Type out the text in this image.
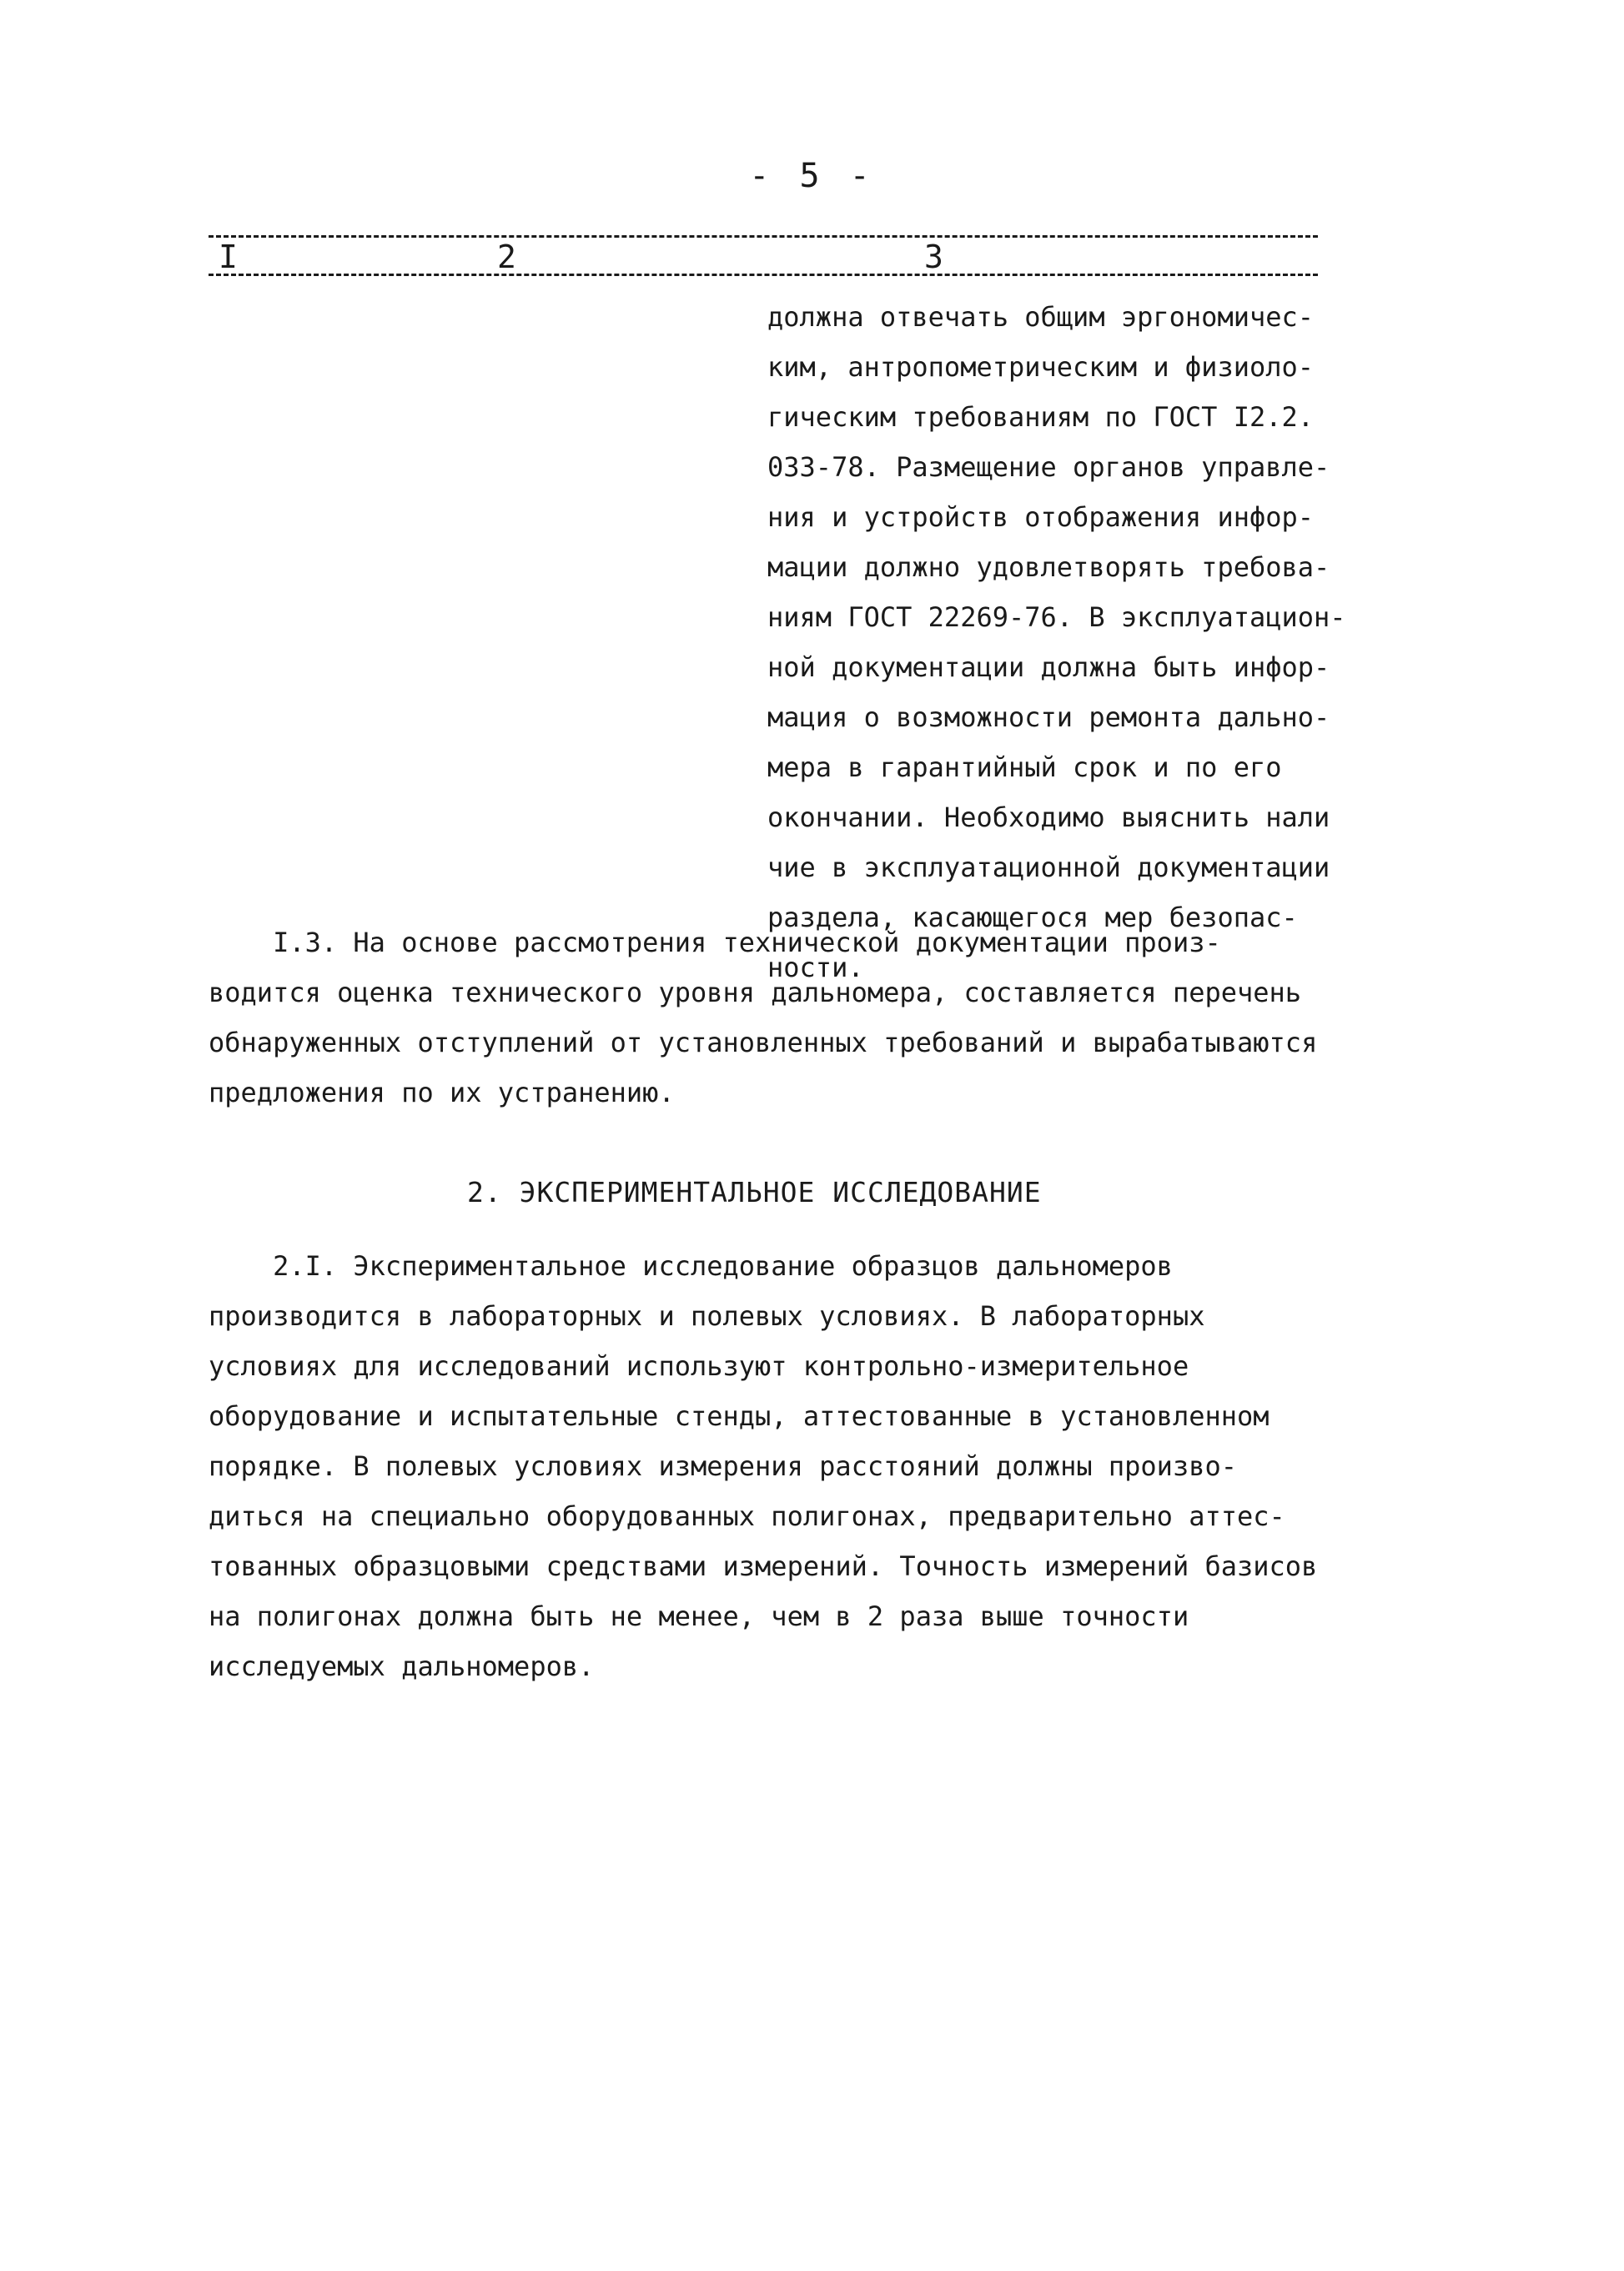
- 5 -
I	2	3

должна отвечать общим эргономичес-
ким, антропометрическим и физиоло-
гическим требованиям по ГОСТ I2.2.
033-78. Размещение органов управле-
ния и устройств отображения инфор-
мации должно удовлетворять требова-
ниям ГОСТ 22269-76. В эксплуатацион-
ной документации должна быть инфор-
мация о возможности ремонта дально-
мера в гарантийный срок и по его
окончании. Необходимо выяснить нали
чие в эксплуатационной документации
раздела, касающегося мер безопас-
ности.

I.3. На основе рассмотрения технической документации произ-
водится оценка технического уровня дальномера, составляется перечень
обнаруженных отступлений от установленных требований и вырабатываются
предложения по их устранению.

2. ЭКСПЕРИМЕНТАЛЬНОЕ ИССЛЕДОВАНИЕ

2.I. Экспериментальное исследование образцов дальномеров
производится в лабораторных и полевых условиях. В лабораторных
условиях для исследований используют контрольно-измерительное
оборудование и испытательные стенды, аттестованные в установленном
порядке. В полевых условиях измерения расстояний должны произво-
диться на специально оборудованных полигонах, предварительно аттес-
тованных образцовыми средствами измерений. Точность измерений базисов
на полигонах должна быть не менее, чем в 2 раза выше точности
исследуемых дальномеров.
